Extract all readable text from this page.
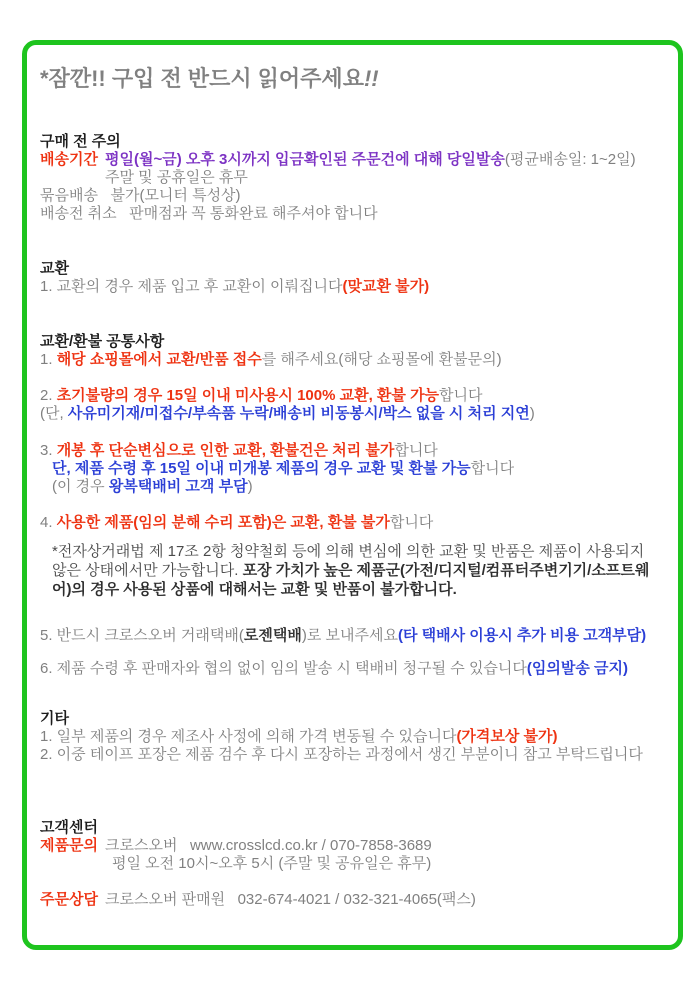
*잠깐!! 구입 전 반드시 읽어주세요!!
구매 전 주의
배송기간 평일(월~금) 오후 3시까지 입금확인된 주문건에 대해 당일발송(평균배송일: 1~2일)
주말 및 공휴일은 휴무
묶음배송   불가(모니터 특성상)
배송전 취소   판매점과 꼭 통화완료 해주셔야 합니다
교환
1. 교환의 경우 제품 입고 후 교환이 이뤄집니다(맞교환 불가)
교환/환불 공통사항
1. 해당 쇼핑몰에서 교환/반품 접수를 해주세요(해당 쇼핑몰에 환불문의)
2. 초기불량의 경우 15일 이내 미사용시 100% 교환, 환불 가능합니다
(단, 사유미기재/미접수/부속품 누락/배송비 비동봉시/박스 없을 시 처리 지연)
3. 개봉 후 단순변심으로 인한 교환, 환불건은 처리 불가합니다
단, 제품 수령 후 15일 이내 미개봉 제품의 경우 교환 및 환불 가능합니다
(이 경우 왕복택배비 고객 부담)
4. 사용한 제품(임의 분해 수리 포함)은 교환, 환불 불가합니다
*전자상거래법 제 17조 2항 청약철회 등에 의해 변심에 의한 교환 및 반품은 제품이 사용되지 않은 상태에서만 가능합니다. 포장 가치가 높은 제품군(가전/디지털/컴퓨터주변기기/소프트웨어)의 경우 사용된 상품에 대해서는 교환 및 반품이 불가합니다.
5. 반드시 크로스오버 거래택배(로젠택배)로 보내주세요(타 택배사 이용시 추가 비용 고객부담)
6. 제품 수령 후 판매자와 협의 없이 임의 발송 시 택배비 청구될 수 있습니다(임의발송 금지)
기타
1. 일부 제품의 경우 제조사 사정에 의해 가격 변동될 수 있습니다(가격보상 불가)
2. 이중 테이프 포장은 제품 검수 후 다시 포장하는 과정에서 생긴 부분이니 참고 부탁드립니다
고객센터
제품문의 크로스오버   www.crosslcd.co.kr / 070-7858-3689
평일 오전 10시~오후 5시 (주말 및 공유일은 휴무)
주문상담 크로스오버 판매원   032-674-4021 / 032-321-4065(팩스)
